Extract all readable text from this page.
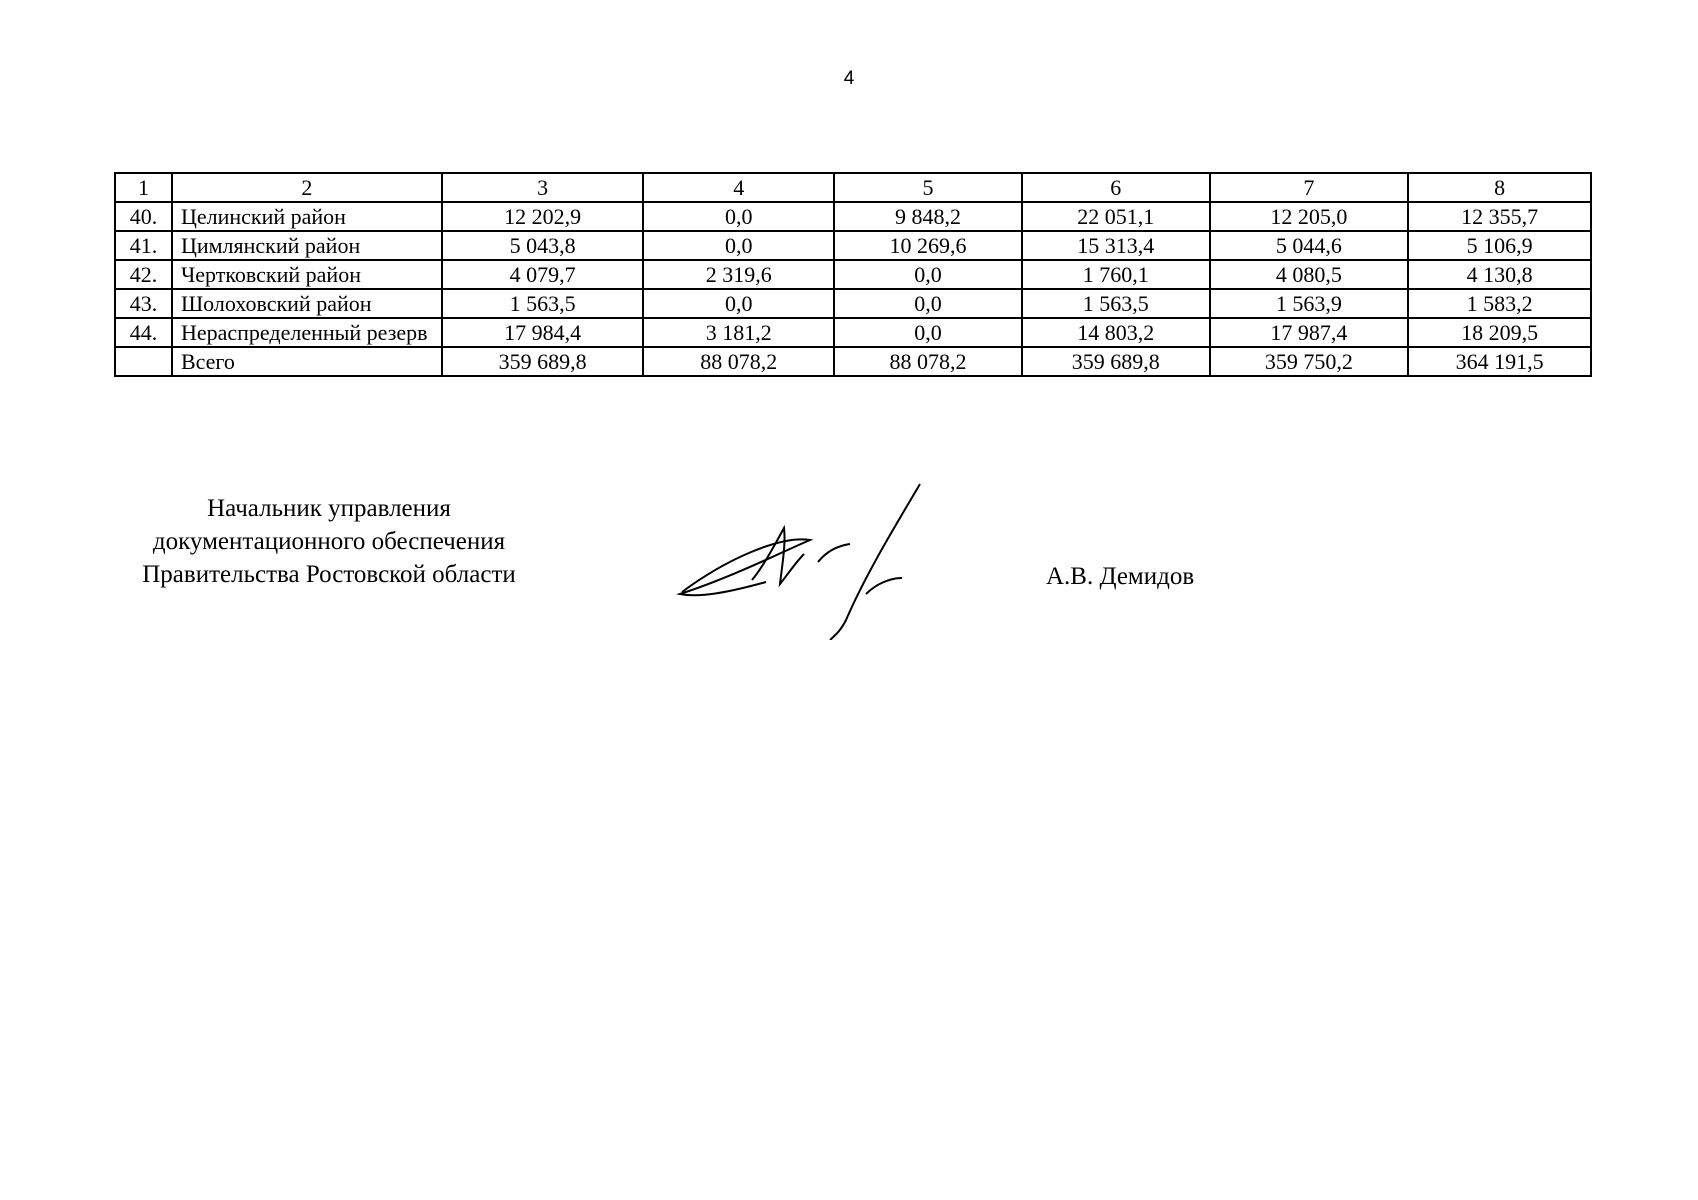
4
1	2	3	4	5	6	7	8
40.	Целинский район	12 202,9	0,0	9 848,2	22 051,1	12 205,0	12 355,7
41.	Цимлянский район	5 043,8	0,0	10 269,6	15 313,4	5 044,6	5 106,9
42.	Чертковский район	4 079,7	2 319,6	0,0	1 760,1	4 080,5	4 130,8
43.	Шолоховский район	1 563,5	0,0	0,0	1 563,5	1 563,9	1 583,2
44.	Нераспределенный резерв	17 984,4	3 181,2	0,0	14 803,2	17 987,4	18 209,5
	Всего	359 689,8	88 078,2	88 078,2	359 689,8	359 750,2	364 191,5
Начальник управления
документационного обеспечения
Правительства Ростовской области	А.В. Демидов
